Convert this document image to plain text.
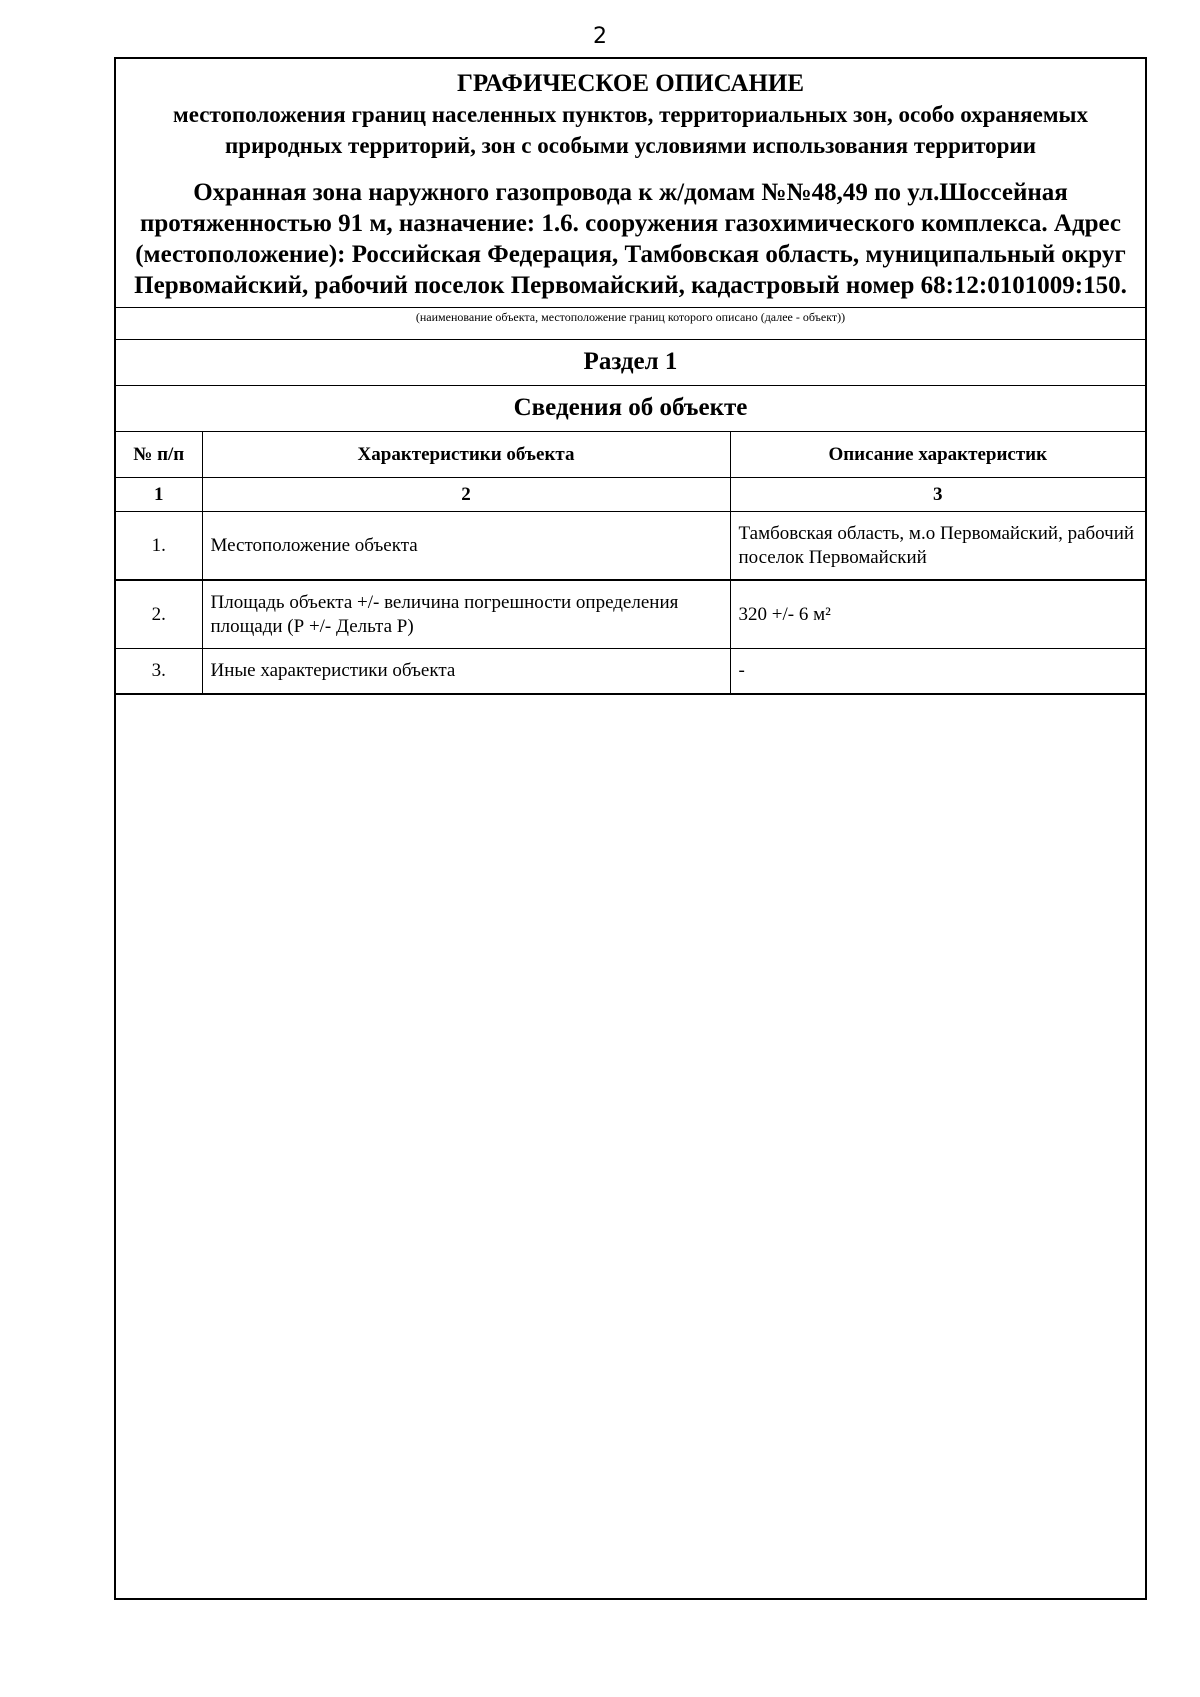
2
ГРАФИЧЕСКОЕ ОПИСАНИЕ
местоположения границ населенных пунктов, территориальных зон, особо охраняемых природных территорий, зон с особыми условиями использования территории
Охранная зона наружного газопровода к ж/домам №№48,49 по ул.Шоссейная протяженностью 91 м, назначение: 1.6. сооружения газохимического комплекса. Адрес (местоположение): Российская Федерация, Тамбовская область, муниципальный округ Первомайский, рабочий поселок Первомайский, кадастровый номер 68:12:0101009:150.
(наименование объекта, местоположение границ которого описано (далее - объект))
Раздел 1
Сведения об объекте
№ п/п	Характеристики объекта	Описание характеристик
1	2	3
1.	Местоположение объекта	Тамбовская область, м.о Первомайский, рабочий поселок Первомайский
2.	Площадь объекта +/- величина погрешности определения площади (Р +/- Дельта Р)	320 +/- 6 м²
3.	Иные характеристики объекта	-
